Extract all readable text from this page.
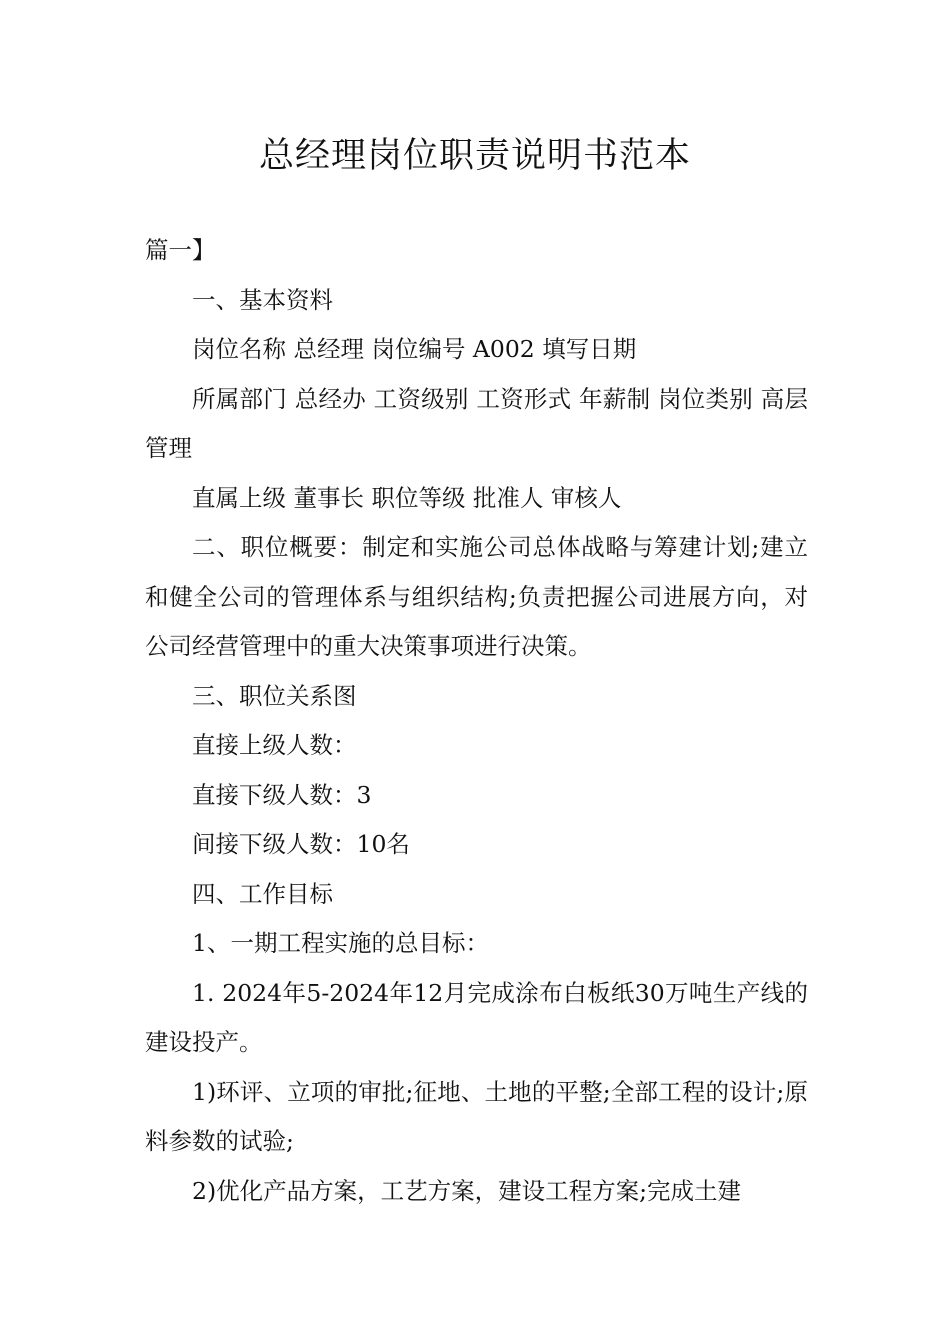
总经理岗位职责说明书范本

篇一】

一、基本资料

岗位名称 总经理 岗位编号 A002 填写日期

所属部门 总经办 工资级别 工资形式 年薪制 岗位类别 高层管理

直属上级 董事长 职位等级 批准人 审核人

二、职位概要：制定和实施公司总体战略与筹建计划;建立和健全公司的管理体系与组织结构;负责把握公司进展方向，对公司经营管理中的重大决策事项进行决策。

三、职位关系图

直接上级人数：

直接下级人数：3

间接下级人数：10名

四、工作目标

1、一期工程实施的总目标：

1. 2024年5-2024年12月完成涂布白板纸30万吨生产线的建设投产。

1)环评、立项的审批;征地、土地的平整;全部工程的设计;原料参数的试验;

2)优化产品方案，工艺方案，建设工程方案;完成土建
